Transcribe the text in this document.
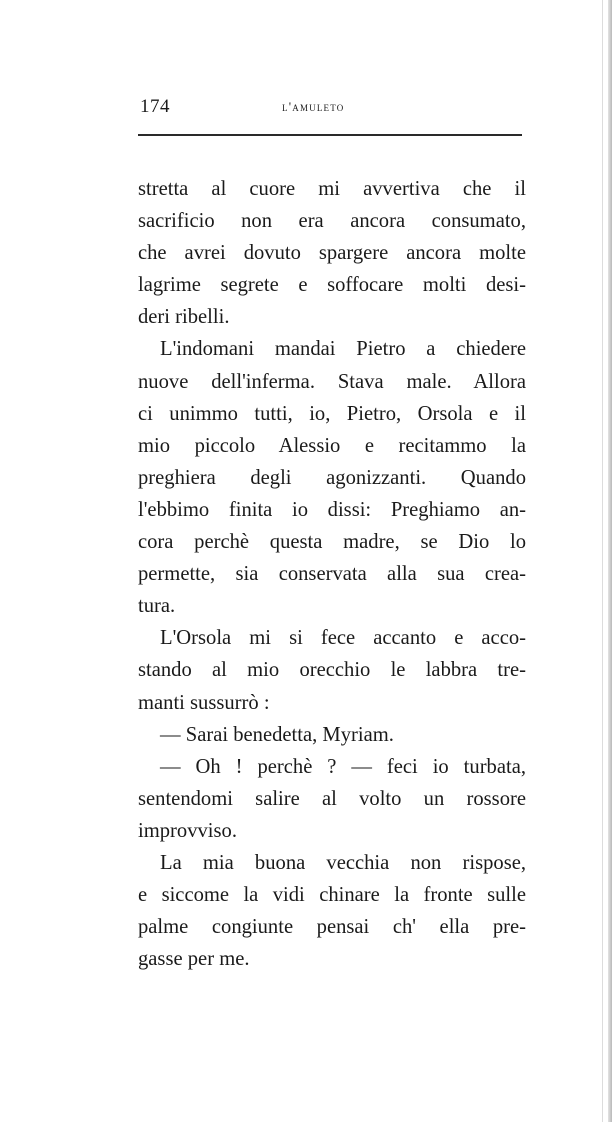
174	l'amuleto

stretta al cuore mi avvertiva che il
sacrificio non era ancora consumato,
che avrei dovuto spargere ancora molte
lagrime segrete e soffocare molti desi-
deri ribelli.

L'indomani mandai Pietro a chiedere
nuove dell'inferma. Stava male. Allora
ci unimmo tutti, io, Pietro, Orsola e il
mio piccolo Alessio e recitammo la
preghiera degli agonizzanti. Quando
l'ebbimo finita io dissi: Preghiamo an-
cora perchè questa madre, se Dio lo
permette, sia conservata alla sua crea-
tura.

L'Orsola mi si fece accanto e acco-
stando al mio orecchio le labbra tre-
manti sussurrò :

— Sarai benedetta, Myriam.

— Oh ! perchè ? — feci io turbata,
sentendomi salire al volto un rossore
improvviso.

La mia buona vecchia non rispose,
e siccome la vidi chinare la fronte sulle
palme congiunte pensai ch' ella pre-
gasse per me.
